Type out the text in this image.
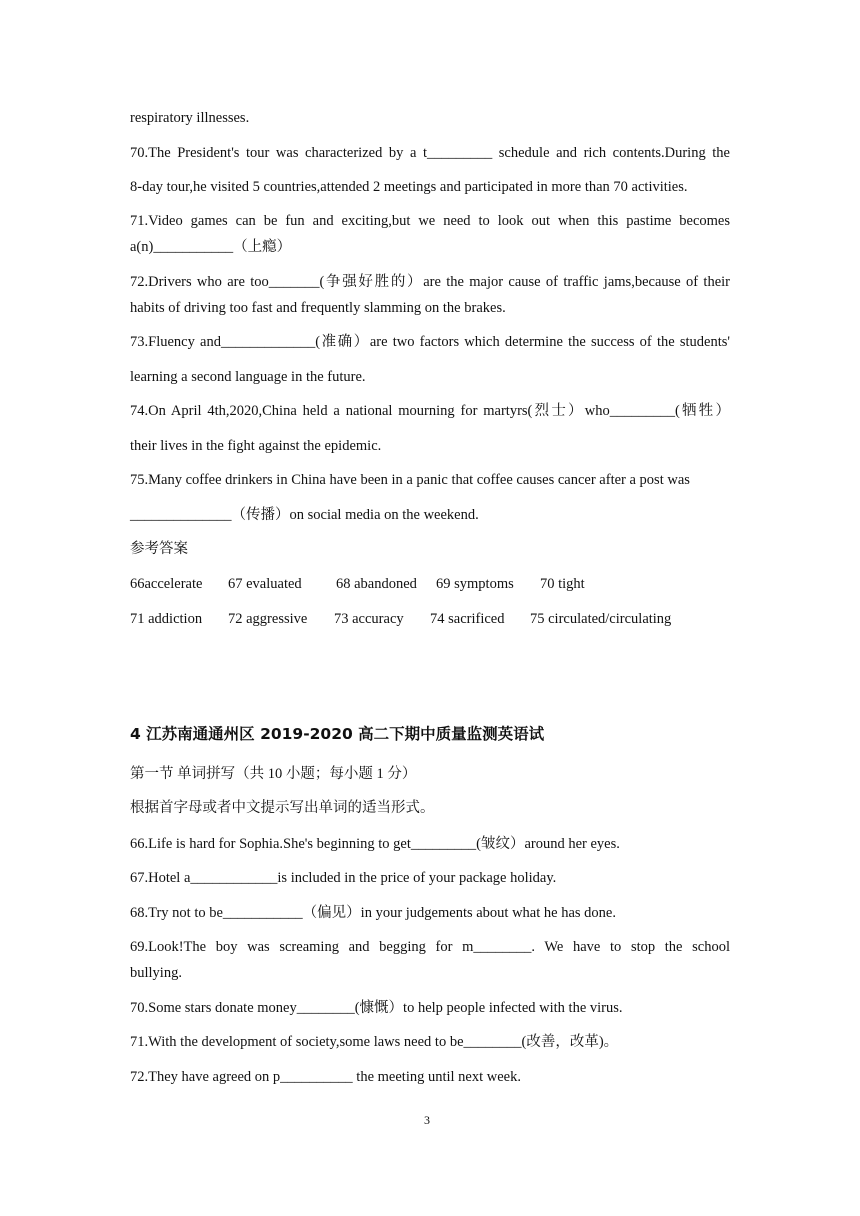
respiratory illnesses.
70.The President's tour was characterized by a t_________ schedule and rich contents.During the
8-day tour,he visited 5 countries,attended 2 meetings and participated in more than 70 activities.
71.Video games can be fun and exciting,but we need to look out when this pastime becomes
a(n)___________（上瘾）
72.Drivers who are too_______(争强好胜的）are the major cause of traffic jams,because of their
habits of driving too fast and frequently slamming on the brakes.
73.Fluency and_____________(准确）are two factors which determine the success of the students'
learning a second language in the future.
74.On April 4th,2020,China held a national mourning for martyrs(烈士）who_________(牺牲）
their lives in the fight against the epidemic.
75.Many coffee drinkers in China have been in a panic that coffee causes cancer after a post was
______________（传播）on social media on the weekend.
参考答案
66accelerate 67 evaluated 68 abandoned 69 symptoms 70 tight
71 addiction 72 aggressive 73 accuracy 74 sacrificed 75 circulated/circulating
4 江苏南通通州区 2019-2020 高二下期中质量监测英语试
第一节 单词拼写（共 10 小题；每小题 1 分）
根据首字母或者中文提示写出单词的适当形式。
66.Life is hard for Sophia.She's beginning to get_________(皱纹）around her eyes.
67.Hotel a____________is included in the price of your package holiday.
68.Try not to be___________（偏见）in your judgements about what he has done.
69.Look!The boy was screaming and begging for m________. We have to stop the school
bullying.
70.Some stars donate money________(慷慨）to help people infected with the virus.
71.With the development of society,some laws need to be________(改善，改革)。
72.They have agreed on p__________ the meeting until next week.
3
